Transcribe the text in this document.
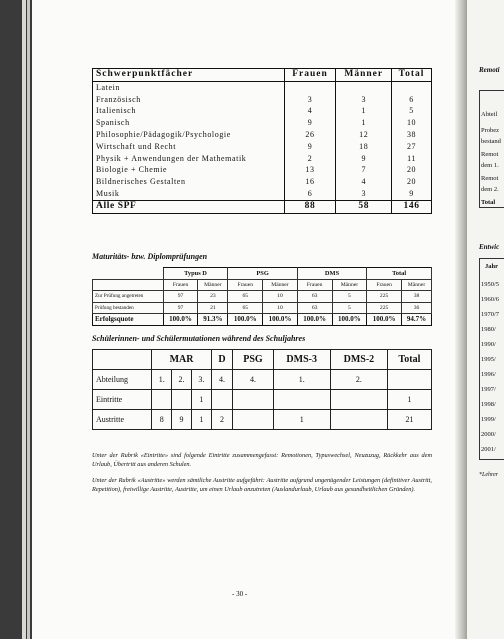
Schwerpunktfächer	Frauen	Männer	Total
Latein			
Französisch	3	3	6
Italienisch	4	1	5
Spanisch	9	1	10
Philosophie/Pädagogik/Psychologie	26	12	38
Wirtschaft und Recht	9	18	27
Physik + Anwendungen der Mathematik	2	9	11
Biologie + Chemie	13	7	20
Bildnerisches Gestalten	16	4	20
Musik	6	3	9
Alle SPF	88	58	146
Maturitäts- bzw. Diplomprüfungen
	Typus D		PSG		DMS		Total	
	Frauen	Männer	Frauen	Männer	Frauen	Männer	Frauen	Männer
Zur Prüfung angetreten	97	23	65	10	63	5	225	38
Prüfung bestanden	97	21	65	10	63	5	225	36
Erfolgsquote	100.0%	91.3%	100.0%	100.0%	100.0%	100.0%	100.0%	94.7%
Schülerinnen- und Schülermutationen während des Schuljahres
	MAR			D	PSG	DMS-3	DMS-2	Total
Abteilung	1.	2.	3.	4.	4.	1.	2.	
Eintritte			1					1
Austritte	8	9	1	2		1		21
Unter der Rubrik «Eintritte» sind folgende Eintritte zusammengefasst: Remotionen, Typuswechsel, Neuzuzug, Rückkehr aus dem Urlaub, Übertritt aus anderen Schulen.
Unter der Rubrik «Austritte» werden sämtliche Austritte aufgeführt: Austritte aufgrund ungenügender Leistungen (definitiver Austritt, Repetition), freiwillige Austritte, Austritte, um einen Urlaub anzutreten (Auslandurlaub, Urlaub aus gesundheitlichen Gründen).
- 30 -
Remoti
Abteil
Probez
bestand
Remot
dem 1.
Remot
dem 2.
Total
Entwic
Jahr
1950/5
1960/6
1970/7
1980/
1990/
1995/
1996/
1997/
1998/
1999/
2000/
2001/
*Lehrer
